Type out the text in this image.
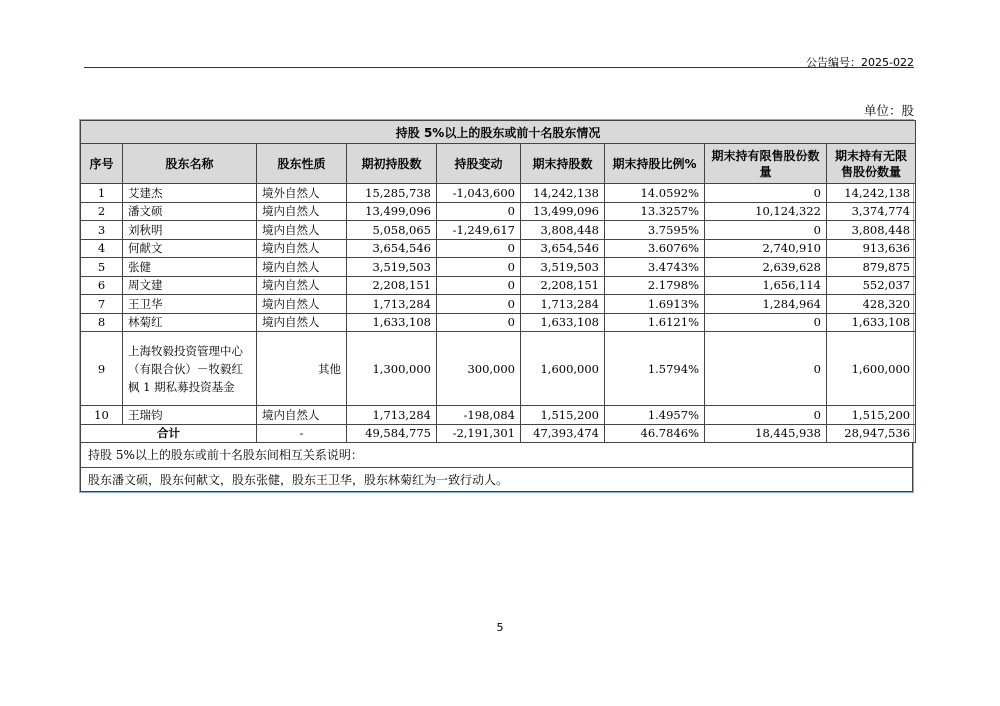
公告编号：2025-022
单位：股
持股 5%以上的股东或前十名股东情况								
序号	股东名称	股东性质	期初持股数	持股变动	期末持股数	期末持股比例%	期末持有限售股份数量	期末持有无限售股份数量
1	艾建杰	境外自然人	15,285,738	-1,043,600	14,242,138	14.0592%	0	14,242,138
2	潘文硕	境内自然人	13,499,096	0	13,499,096	13.3257%	10,124,322	3,374,774
3	刘秋明	境内自然人	5,058,065	-1,249,617	3,808,448	3.7595%	0	3,808,448
4	何献文	境内自然人	3,654,546	0	3,654,546	3.6076%	2,740,910	913,636
5	张健	境内自然人	3,519,503	0	3,519,503	3.4743%	2,639,628	879,875
6	周文建	境内自然人	2,208,151	0	2,208,151	2.1798%	1,656,114	552,037
7	王卫华	境内自然人	1,713,284	0	1,713,284	1.6913%	1,284,964	428,320
8	林菊红	境内自然人	1,633,108	0	1,633,108	1.6121%	0	1,633,108
9	上海牧毅投资管理中心（有限合伙）－牧毅红枫 1 期私募投资基金	其他	1,300,000	300,000	1,600,000	1.5794%	0	1,600,000
10	王瑞钧	境内自然人	1,713,284	-198,084	1,515,200	1.4957%	0	1,515,200
合计		-	49,584,775	-2,191,301	47,393,474	46.7846%	18,445,938	28,947,536
持股 5%以上的股东或前十名股东间相互关系说明：
股东潘文硕，股东何献文，股东张健，股东王卫华，股东林菊红为一致行动人。
5
